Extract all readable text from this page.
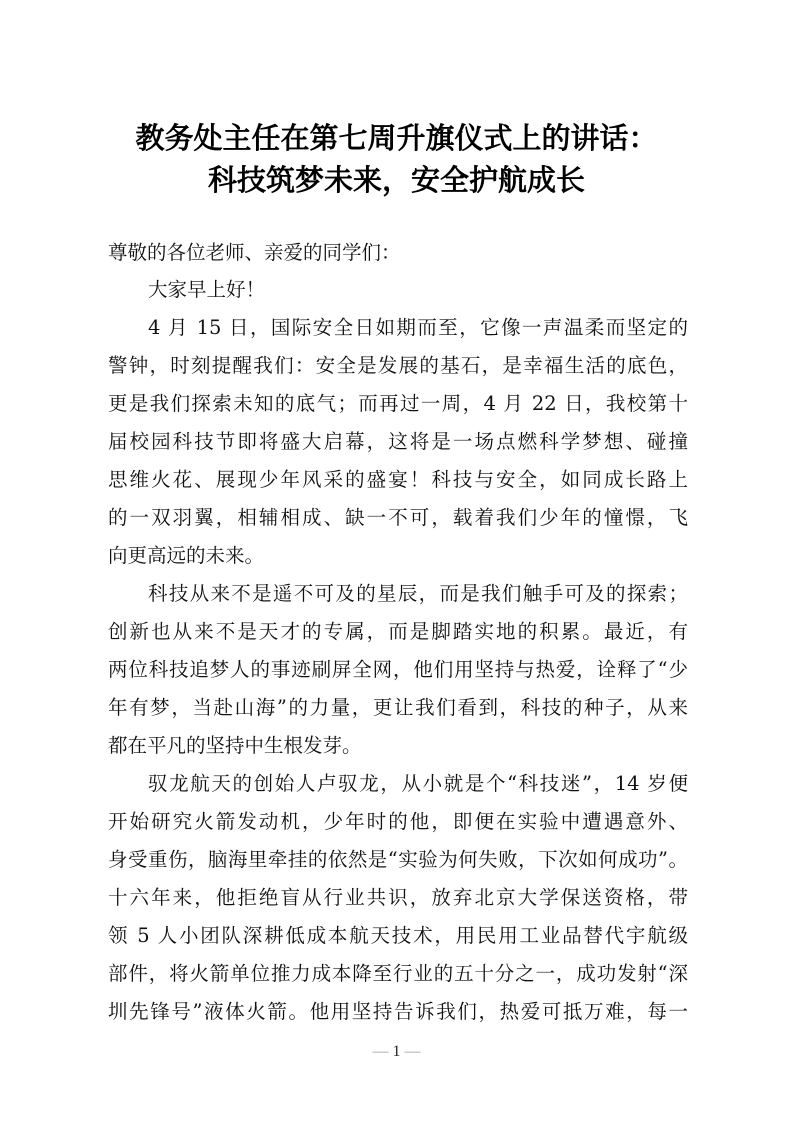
教务处主任在第七周升旗仪式上的讲话：
科技筑梦未来，安全护航成长
尊敬的各位老师、亲爱的同学们：
大家早上好！
4 月 15 日，国际安全日如期而至，它像一声温柔而坚定的
警钟，时刻提醒我们：安全是发展的基石，是幸福生活的底色，
更是我们探索未知的底气；而再过一周，4 月 22 日，我校第十
届校园科技节即将盛大启幕，这将是一场点燃科学梦想、碰撞
思维火花、展现少年风采的盛宴！科技与安全，如同成长路上
的一双羽翼，相辅相成、缺一不可，载着我们少年的憧憬，飞
向更高远的未来。
科技从来不是遥不可及的星辰，而是我们触手可及的探索；
创新也从来不是天才的专属，而是脚踏实地的积累。最近，有
两位科技追梦人的事迹刷屏全网，他们用坚持与热爱，诠释了“少
年有梦，当赴山海”的力量，更让我们看到，科技的种子，从来
都在平凡的坚持中生根发芽。
驭龙航天的创始人卢驭龙，从小就是个“科技迷”，14 岁便
开始研究火箭发动机，少年时的他，即便在实验中遭遇意外、
身受重伤，脑海里牵挂的依然是“实验为何失败，下次如何成功”。
十六年来，他拒绝盲从行业共识，放弃北京大学保送资格，带
领 5 人小团队深耕低成本航天技术，用民用工业品替代宇航级
部件，将火箭单位推力成本降至行业的五十分之一，成功发射“深
圳先锋号”液体火箭。他用坚持告诉我们，热爱可抵万难，每一
— 1 —
